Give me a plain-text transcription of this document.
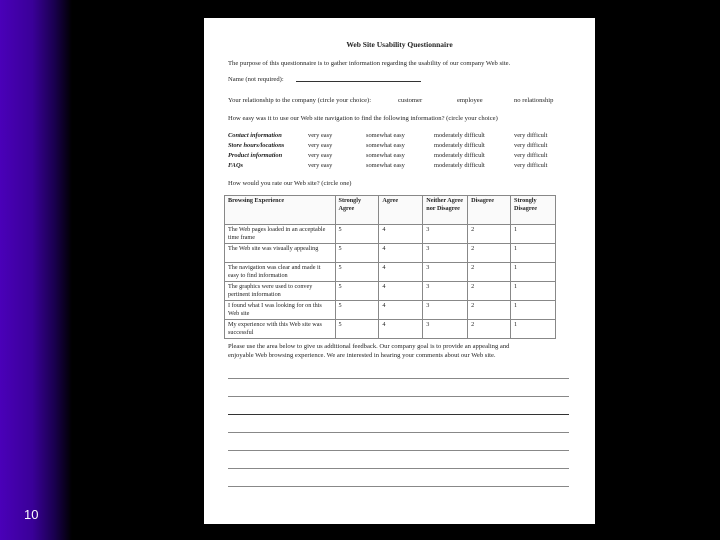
10
Web Site Usability Questionnaire
The purpose of this questionnaire is to gather information regarding the usability of our company Web site.
Name (not required):
Your relationship to the company (circle your choice):	customer	employee	no relationship
How easy was it to use our Web site navigation to find the following information? (circle your choice)
Contact information	very easy	somewhat easy	moderately difficult	very difficult
Store hours/locations	very easy	somewhat easy	moderately difficult	very difficult
Product information	very easy	somewhat easy	moderately difficult	very difficult
FAQs	very easy	somewhat easy	moderately difficult	very difficult
How would you rate our Web site? (circle one)
Browsing Experience	Strongly Agree	Agree	Neither Agree nor Disagree	Disagree	Strongly Disagree
The Web pages loaded in an acceptable time frame	5	4	3	2	1
The Web site was visually appealing	5	4	3	2	1
The navigation was clear and made it easy to find information	5	4	3	2	1
The graphics were used to convey pertinent information	5	4	3	2	1
I found what I was looking for on this Web site	5	4	3	2	1
My experience with this Web site was successful	5	4	3	2	1
Please use the area below to give us additional feedback. Our company goal is to provide an appealing and
enjoyable Web browsing experience. We are interested in hearing your comments about our Web site.
